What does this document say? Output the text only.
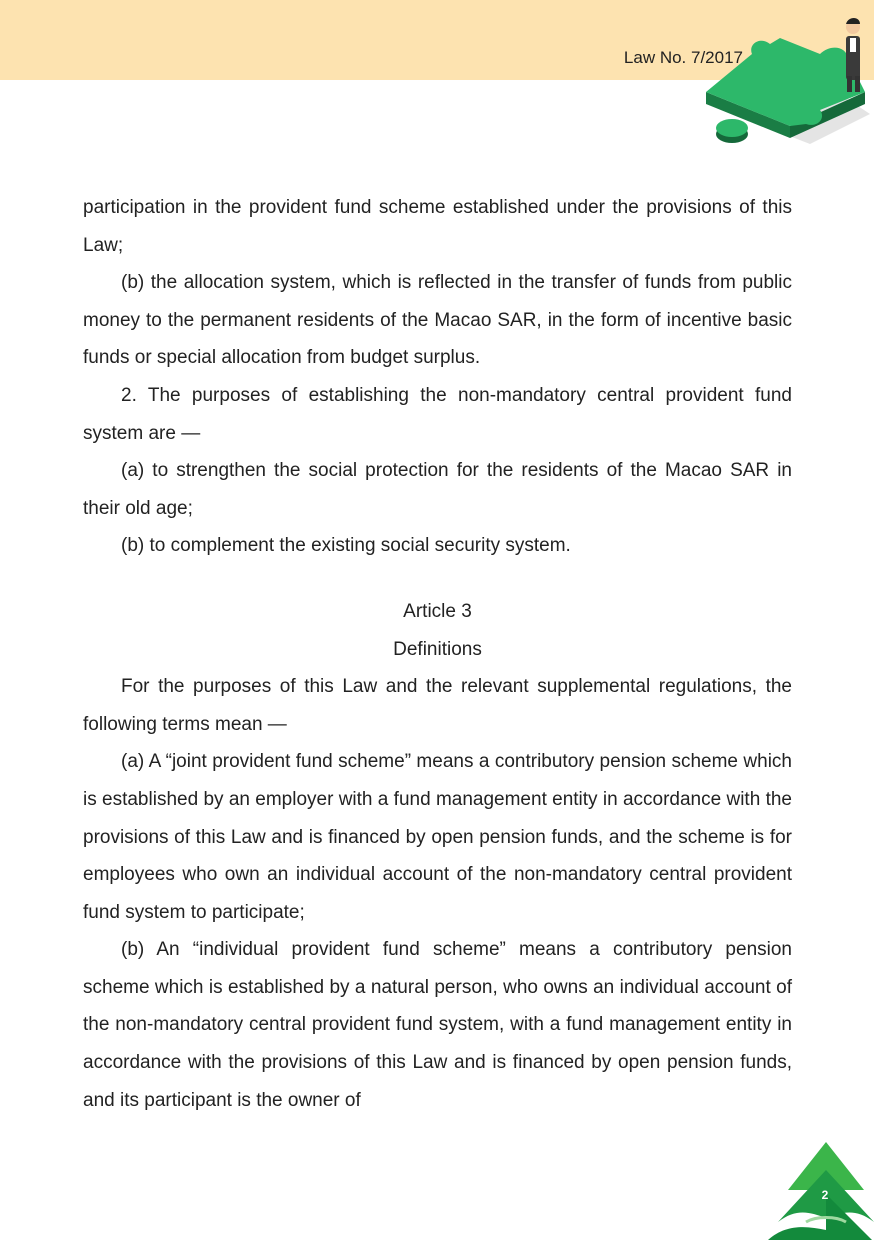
Law No. 7/2017

participation in the provident fund scheme established under the provisions of this Law;

(b) the allocation system, which is reflected in the transfer of funds from public money to the permanent residents of the Macao SAR, in the form of incentive basic funds or special allocation from budget surplus.

2. The purposes of establishing the non-mandatory central provident fund system are —

(a) to strengthen the social protection for the residents of the Macao SAR in their old age;

(b) to complement the existing social security system.

Article 3

Definitions

For the purposes of this Law and the relevant supplemental regulations, the following terms mean —

(a) A “joint provident fund scheme” means a contributory pension scheme which is established by an employer with a fund management entity in accordance with the provisions of this Law and is financed by open pension funds, and the scheme is for employees who own an individual account of the non-mandatory central provident fund system to participate;

(b) An “individual provident fund scheme” means a contributory pension scheme which is established by a natural person, who owns an individual account of the non-mandatory central provident fund system, with a fund management entity in accordance with the provisions of this Law and is financed by open pension funds, and its participant is the owner of

2
